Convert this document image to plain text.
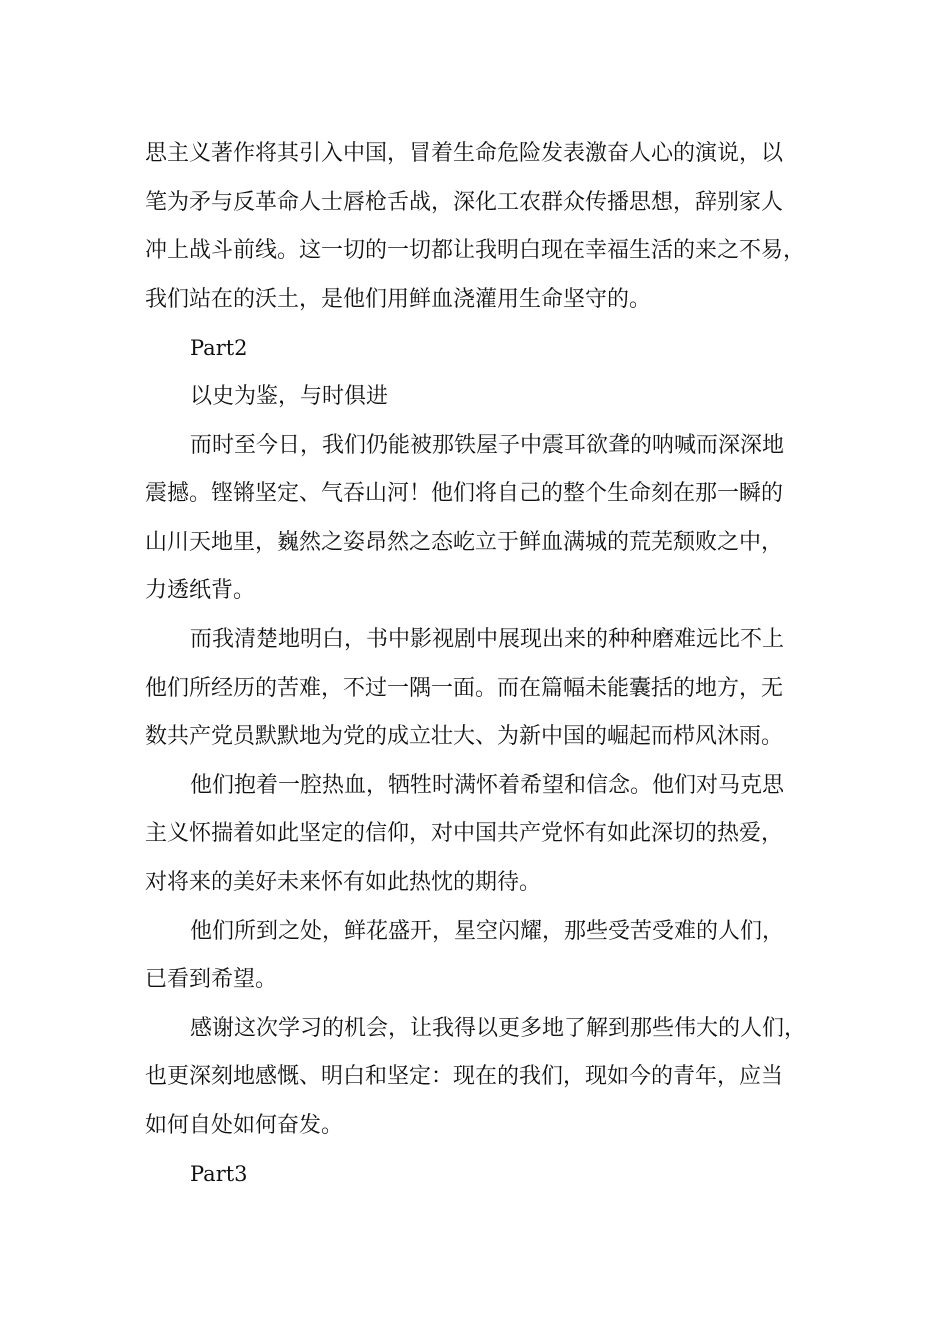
思主义著作将其引入中国，冒着生命危险发表激奋人心的演说，以
笔为矛与反革命人士唇枪舌战，深化工农群众传播思想，辞别家人
冲上战斗前线。这一切的一切都让我明白现在幸福生活的来之不易，
我们站在的沃土，是他们用鲜血浇灌用生命坚守的。
Part2
以史为鉴，与时俱进
而时至今日，我们仍能被那铁屋子中震耳欲聋的呐喊而深深地
震撼。铿锵坚定、气吞山河！他们将自己的整个生命刻在那一瞬的
山川天地里，巍然之姿昂然之态屹立于鲜血满城的荒芜颓败之中，
力透纸背。
而我清楚地明白，书中影视剧中展现出来的种种磨难远比不上
他们所经历的苦难，不过一隅一面。而在篇幅未能囊括的地方，无
数共产党员默默地为党的成立壮大、为新中国的崛起而栉风沐雨。
他们抱着一腔热血，牺牲时满怀着希望和信念。他们对马克思
主义怀揣着如此坚定的信仰，对中国共产党怀有如此深切的热爱，
对将来的美好未来怀有如此热忱的期待。
他们所到之处，鲜花盛开，星空闪耀，那些受苦受难的人们，
已看到希望。
感谢这次学习的机会，让我得以更多地了解到那些伟大的人们，
也更深刻地感慨、明白和坚定：现在的我们，现如今的青年，应当
如何自处如何奋发。
Part3
